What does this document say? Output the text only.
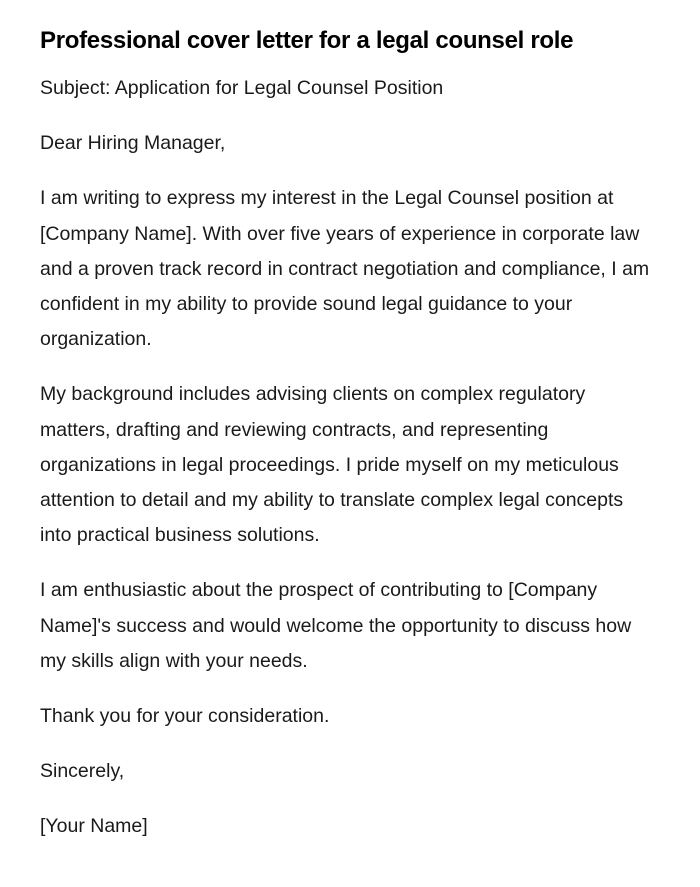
Professional cover letter for a legal counsel role

Subject: Application for Legal Counsel Position

Dear Hiring Manager,

I am writing to express my interest in the Legal Counsel position at [Company Name]. With over five years of experience in corporate law and a proven track record in contract negotiation and compliance, I am confident in my ability to provide sound legal guidance to your organization.

My background includes advising clients on complex regulatory matters, drafting and reviewing contracts, and representing organizations in legal proceedings. I pride myself on my meticulous attention to detail and my ability to translate complex legal concepts into practical business solutions.

I am enthusiastic about the prospect of contributing to [Company Name]'s success and would welcome the opportunity to discuss how my skills align with your needs.

Thank you for your consideration.

Sincerely,

[Your Name]
